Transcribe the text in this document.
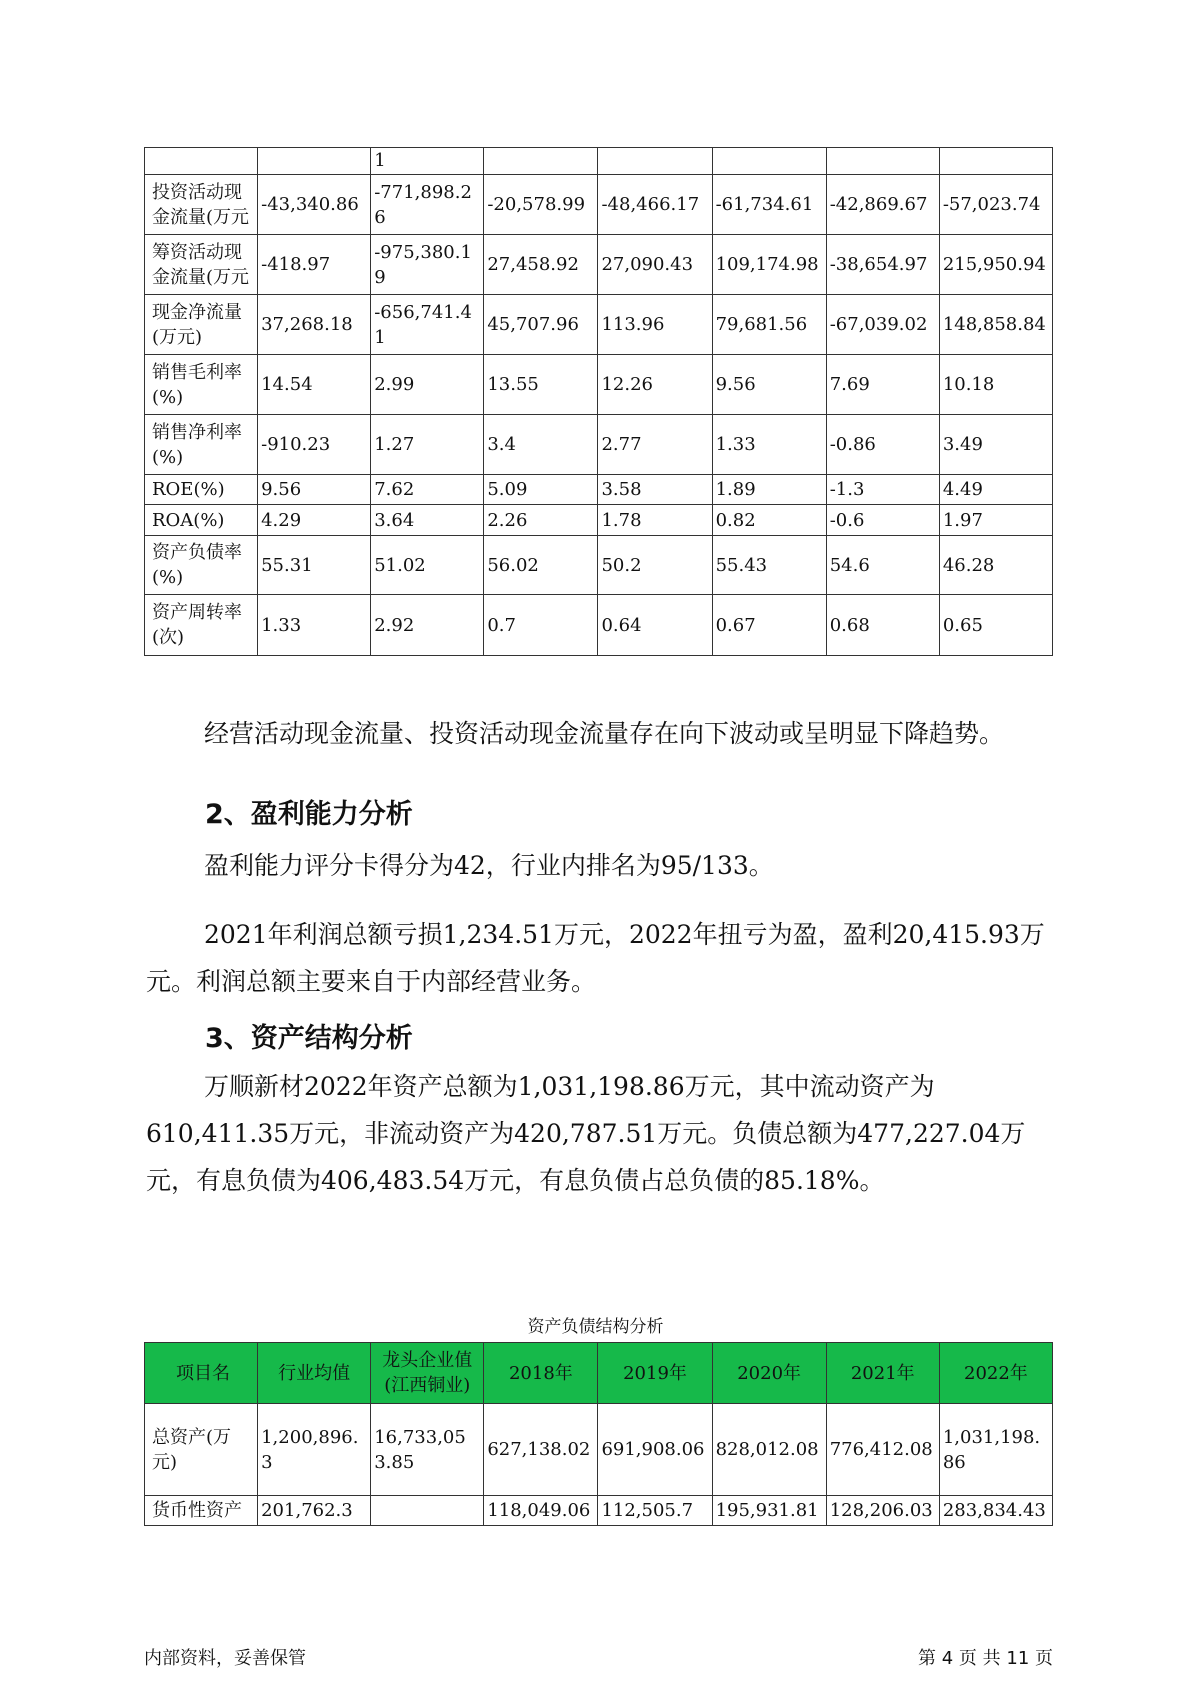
		1					
投资活动现金流量(万元	-43,340.86	-771,898.26	-20,578.99	-48,466.17	-61,734.61	-42,869.67	-57,023.74
筹资活动现金流量(万元	-418.97	-975,380.19	27,458.92	27,090.43	109,174.98	-38,654.97	215,950.94
现金净流量(万元)	37,268.18	-656,741.41	45,707.96	113.96	79,681.56	-67,039.02	148,858.84
销售毛利率(%)	14.54	2.99	13.55	12.26	9.56	7.69	10.18
销售净利率(%)	-910.23	1.27	3.4	2.77	1.33	-0.86	3.49
ROE(%)	9.56	7.62	5.09	3.58	1.89	-1.3	4.49
ROA(%)	4.29	3.64	2.26	1.78	0.82	-0.6	1.97
资产负债率(%)	55.31	51.02	56.02	50.2	55.43	54.6	46.28
资产周转率(次)	1.33	2.92	0.7	0.64	0.67	0.68	0.65

经营活动现金流量、投资活动现金流量存在向下波动或呈明显下降趋势。

2、盈利能力分析

盈利能力评分卡得分为42，行业内排名为95/133。

2021年利润总额亏损1,234.51万元，2022年扭亏为盈，盈利20,415.93万元。利润总额主要来自于内部经营业务。

3、资产结构分析

万顺新材2022年资产总额为1,031,198.86万元，其中流动资产为610,411.35万元，非流动资产为420,787.51万元。负债总额为477,227.04万元，有息负债为406,483.54万元，有息负债占总负债的85.18%。

资产负债结构分析

项目名	行业均值	龙头企业值(江西铜业)	2018年	2019年	2020年	2021年	2022年
总资产(万元)	1,200,896.3	16,733,053.85	627,138.02	691,908.06	828,012.08	776,412.08	1,031,198.86
货币性资产	201,762.3		118,049.06	112,505.7	195,931.81	128,206.03	283,834.43

内部资料，妥善保管	第 4 页 共 11 页
